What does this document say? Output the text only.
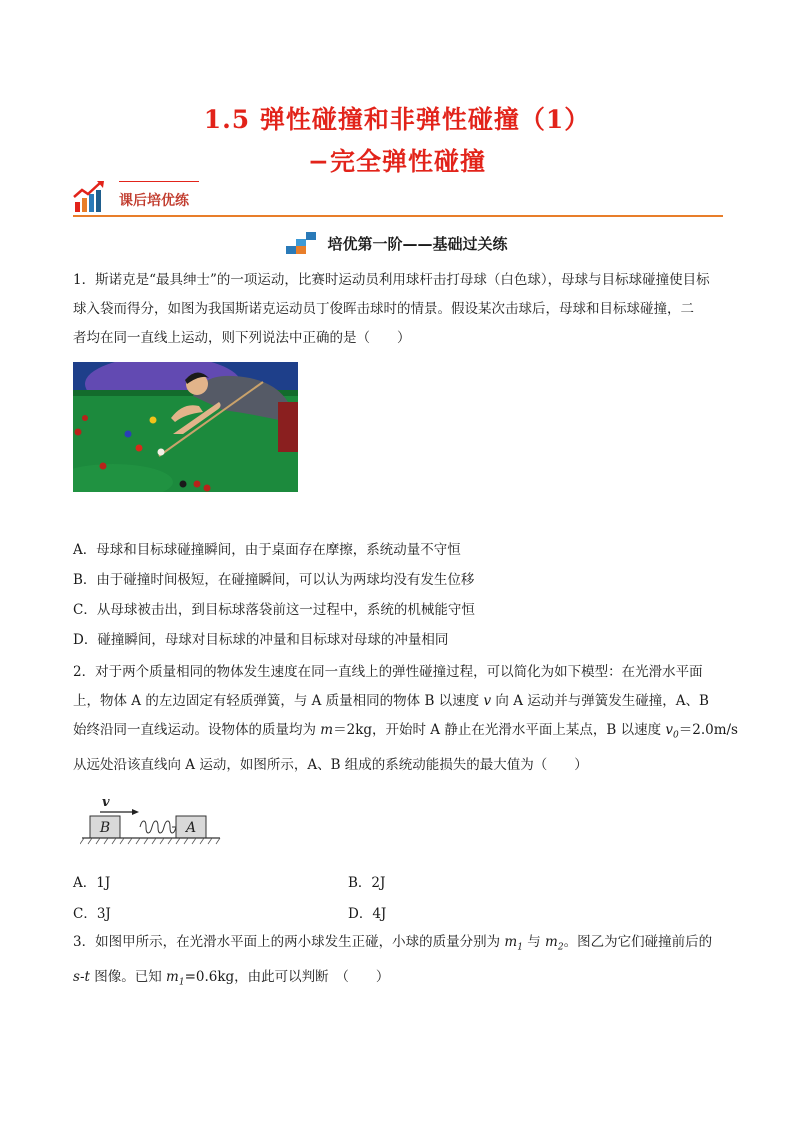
1.5 弹性碰撞和非弹性碰撞（1）
−完全弹性碰撞
课后培优练
培优第一阶——基础过关练
1．斯诺克是“最具绅士”的一项运动，比赛时运动员利用球杆击打母球（白色球），母球与目标球碰撞使目标
球入袋而得分，如图为我国斯诺克运动员丁俊晖击球时的情景。假设某次击球后，母球和目标球碰撞，二
者均在同一直线上运动，则下列说法中正确的是（　　）
A．母球和目标球碰撞瞬间，由于桌面存在摩擦，系统动量不守恒
B．由于碰撞时间极短，在碰撞瞬间，可以认为两球均没有发生位移
C．从母球被击出，到目标球落袋前这一过程中，系统的机械能守恒
D．碰撞瞬间，母球对目标球的冲量和目标球对母球的冲量相同
2．对于两个质量相同的物体发生速度在同一直线上的弹性碰撞过程，可以简化为如下模型：在光滑水平面
上，物体 A 的左边固定有轻质弹簧，与 A 质量相同的物体 B 以速度 v 向 A 运动并与弹簧发生碰撞，A、B
始终沿同一直线运动。设物体的质量均为 m＝2kg，开始时 A 静止在光滑水平面上某点，B 以速度 $v_0=2.0m/s$
从远处沿该直线向 A 运动，如图所示，A、B 组成的系统动能损失的最大值为（　　）
v
B	A
A．1J	B．2J
C．3J	D．4J
3．如图甲所示，在光滑水平面上的两小球发生正碰，小球的质量分别为 $m_1$ 与 $m_2$。图乙为它们碰撞前后的
s-t 图像。已知 $m_1=0.6kg$，由此可以判断　（　　）
